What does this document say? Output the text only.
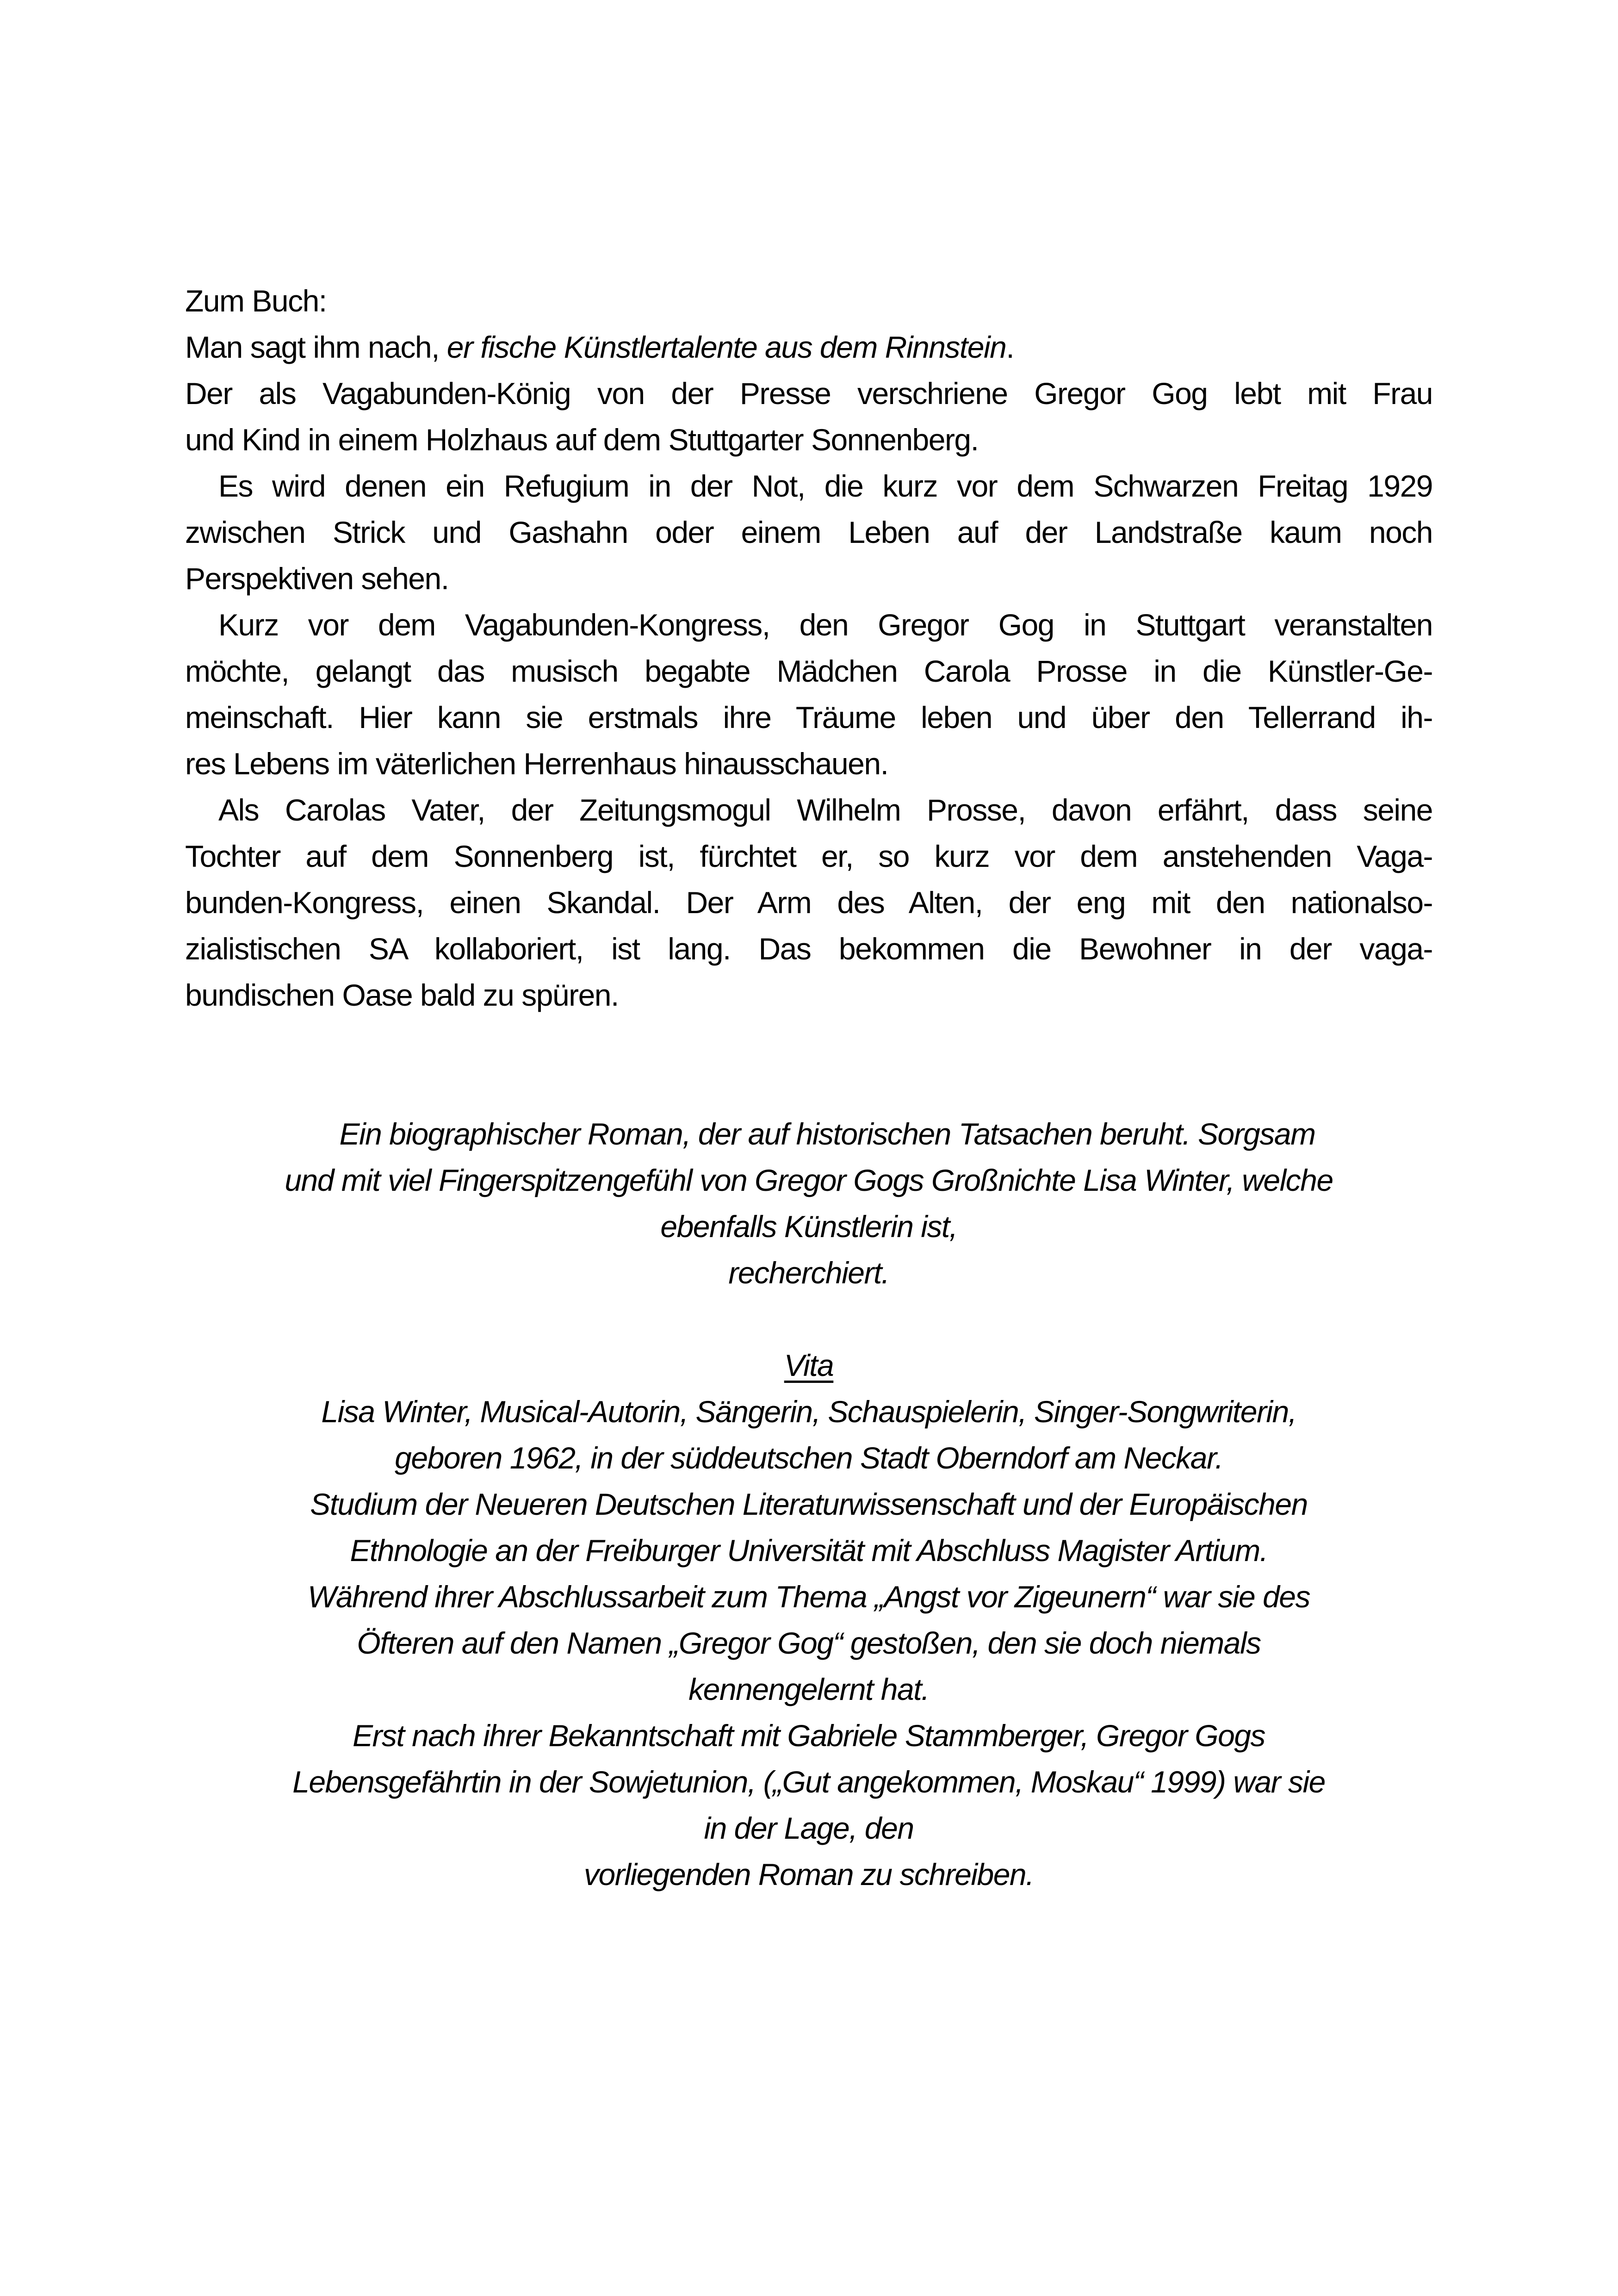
Zum Buch:
Man sagt ihm nach, er fische Künstlertalente aus dem Rinnstein.
Der als Vagabunden-König von der Presse verschriene Gregor Gog lebt mit Frau
und Kind in einem Holzhaus auf dem Stuttgarter Sonnenberg.
Es wird denen ein Refugium in der Not, die kurz vor dem Schwarzen Freitag 1929
zwischen Strick und Gashahn oder einem Leben auf der Landstraße kaum noch
Perspektiven sehen.
Kurz vor dem Vagabunden-Kongress, den Gregor Gog in Stuttgart veranstalten
möchte, gelangt das musisch begabte Mädchen Carola Prosse in die Künstler-Ge-
meinschaft. Hier kann sie erstmals ihre Träume leben und über den Tellerrand ih-
res Lebens im väterlichen Herrenhaus hinausschauen.
Als Carolas Vater, der Zeitungsmogul Wilhelm Prosse, davon erfährt, dass seine
Tochter auf dem Sonnenberg ist, fürchtet er, so kurz vor dem anstehenden Vaga-
bunden-Kongress, einen Skandal. Der Arm des Alten, der eng mit den nationalso-
zialistischen SA kollaboriert, ist lang. Das bekommen die Bewohner in der vaga-
bundischen Oase bald zu spüren.
Ein biographischer Roman, der auf historischen Tatsachen beruht. Sorgsam
und mit viel Fingerspitzengefühl von Gregor Gogs Großnichte Lisa Winter, welche
ebenfalls Künstlerin ist,
recherchiert.
Vita
Lisa Winter, Musical-Autorin, Sängerin, Schauspielerin, Singer-Songwriterin,
geboren 1962, in der süddeutschen Stadt Oberndorf am Neckar.
Studium der Neueren Deutschen Literaturwissenschaft und der Europäischen
Ethnologie an der Freiburger Universität mit Abschluss Magister Artium.
Während ihrer Abschlussarbeit zum Thema „Angst vor Zigeunern“ war sie des
Öfteren auf den Namen „Gregor Gog“ gestoßen, den sie doch niemals
kennengelernt hat.
Erst nach ihrer Bekanntschaft mit Gabriele Stammberger, Gregor Gogs
Lebensgefährtin in der Sowjetunion, („Gut angekommen, Moskau“ 1999) war sie
in der Lage, den
vorliegenden Roman zu schreiben.
